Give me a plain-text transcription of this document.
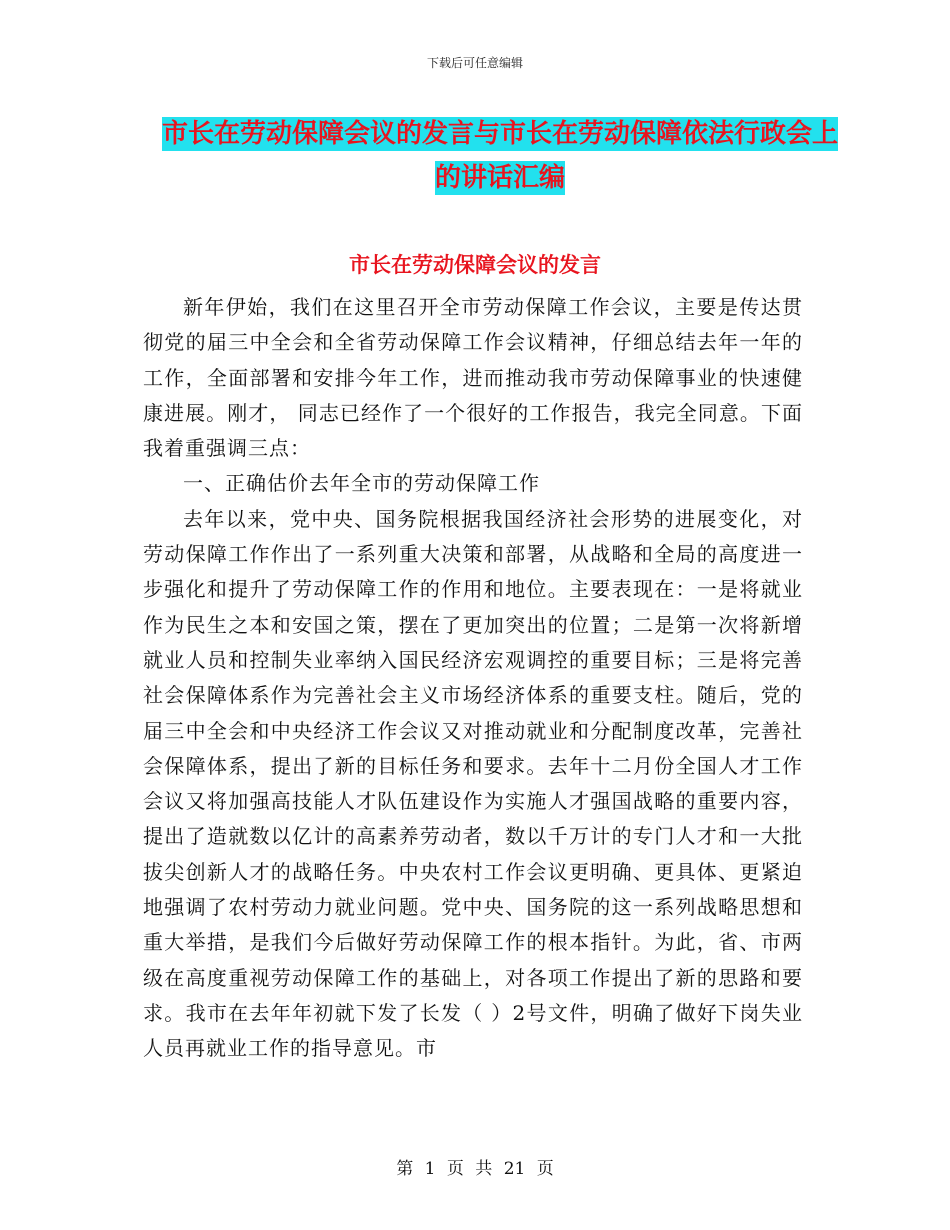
下载后可任意编辑
市长在劳动保障会议的发言与市长在劳动保障依法行政会上的讲话汇编
市长在劳动保障会议的发言

新年伊始，我们在这里召开全市劳动保障工作会议，主要是传达贯彻党的届三中全会和全省劳动保障工作会议精神，仔细总结去年一年的工作，全面部署和安排今年工作，进而推动我市劳动保障事业的快速健康进展。刚才， 同志已经作了一个很好的工作报告，我完全同意。下面我着重强调三点：

一、正确估价去年全市的劳动保障工作

去年以来，党中央、国务院根据我国经济社会形势的进展变化，对劳动保障工作作出了一系列重大决策和部署，从战略和全局的高度进一步强化和提升了劳动保障工作的作用和地位。主要表现在：一是将就业作为民生之本和安国之策，摆在了更加突出的位置；二是第一次将新增就业人员和控制失业率纳入国民经济宏观调控的重要目标；三是将完善社会保障体系作为完善社会主义市场经济体系的重要支柱。随后，党的届三中全会和中央经济工作会议又对推动就业和分配制度改革，完善社会保障体系，提出了新的目标任务和要求。去年十二月份全国人才工作会议又将加强高技能人才队伍建设作为实施人才强国战略的重要内容，提出了造就数以亿计的高素养劳动者，数以千万计的专门人才和一大批拔尖创新人才的战略任务。中央农村工作会议更明确、更具体、更紧迫地强调了农村劳动力就业问题。党中央、国务院的这一系列战略思想和重大举措，是我们今后做好劳动保障工作的根本指针。为此，省、市两级在高度重视劳动保障工作的基础上，对各项工作提出了新的思路和要求。我市在去年年初就下发了长发（ ）2号文件，明确了做好下岗失业人员再就业工作的指导意见。市

第 1 页 共 21 页
